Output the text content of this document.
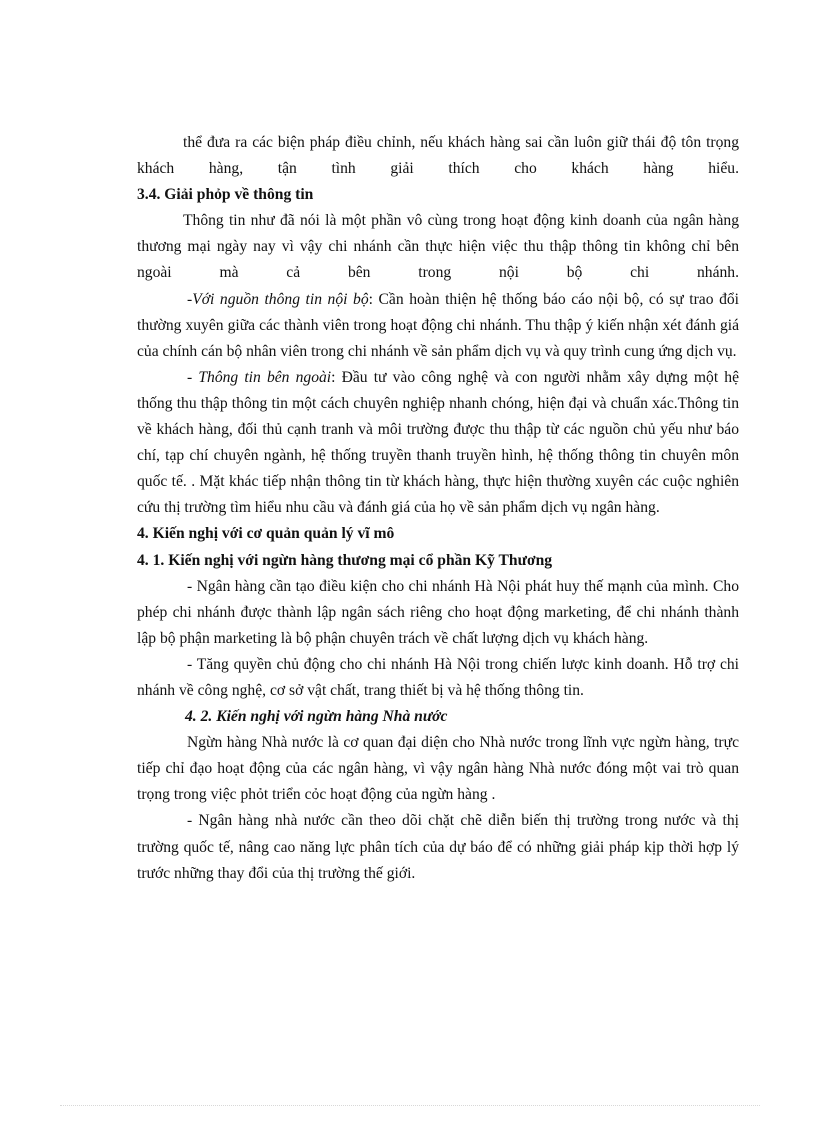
thể đưa ra các biện pháp điều chỉnh, nếu khách hàng sai cần luôn giữ thái độ tôn trọng khách hàng, tận tình giải thích cho khách hàng hiểu.

3.4. Giải phỏp về thông tin

Thông tin như đã nói là một phần vô cùng trong hoạt động kinh doanh của ngân hàng thương mại ngày nay vì vậy chi nhánh cần thực hiện việc thu thập thông tin không chỉ bên ngoài mà cả bên trong nội bộ chi nhánh.

-Với nguồn thông tin nội bộ: Cần hoàn thiện hệ thống báo cáo nội bộ, có sự trao đổi thường xuyên giữa các thành viên trong hoạt động chi nhánh. Thu thập ý kiến nhận xét đánh giá của chính cán bộ nhân viên trong chi nhánh về sản phẩm dịch vụ và quy trình cung ứng dịch vụ.

- Thông tin bên ngoài: Đầu tư vào công nghệ và con người nhằm xây dựng một hệ thống thu thập thông tin một cách chuyên nghiệp nhanh chóng, hiện đại và chuẩn xác.Thông tin về khách hàng, đối thủ cạnh tranh và môi trường được thu thập từ các nguồn chủ yếu như báo chí, tạp chí chuyên ngành, hệ thống truyền thanh truyền hình, hệ thống thông tin chuyên môn quốc tế. . Mặt khác tiếp nhận thông tin từ khách hàng, thực hiện thường xuyên các cuộc nghiên cứu thị trường tìm hiểu nhu cầu và đánh giá của họ về sản phẩm dịch vụ ngân hàng.

4. Kiến nghị với cơ quản quản lý vĩ mô

4. 1. Kiến nghị với ngừn hàng thương mại cổ phần Kỹ Thương

- Ngân hàng cần tạo điều kiện cho chi nhánh Hà Nội phát huy thế mạnh của mình. Cho phép chi nhánh được thành lập ngân sách riêng cho hoạt động marketing, để chi nhánh thành lập bộ phận marketing là bộ phận chuyên trách về chất lượng dịch vụ khách hàng.

- Tăng quyền chủ động cho chi nhánh Hà Nội trong chiến lược kinh doanh. Hỗ trợ chi nhánh về công nghệ, cơ sở vật chất, trang thiết bị và hệ thống thông tin.

4. 2. Kiến nghị với ngừn hàng Nhà nước

Ngừn hàng Nhà nước là cơ quan đại diện cho Nhà nước trong lĩnh vực ngừn hàng, trực tiếp chỉ đạo hoạt động của các ngân hàng, vì vậy ngân hàng Nhà nước đóng một vai trò quan trọng trong việc phỏt triển cỏc hoạt động của ngừn hàng .

- Ngân hàng nhà nước cần theo dõi chặt chẽ diễn biến thị trường trong nước và thị trường quốc tế, nâng cao năng lực phân tích của dự báo để có những giải pháp kịp thời hợp lý trước những thay đổi của thị trường thế giới.
